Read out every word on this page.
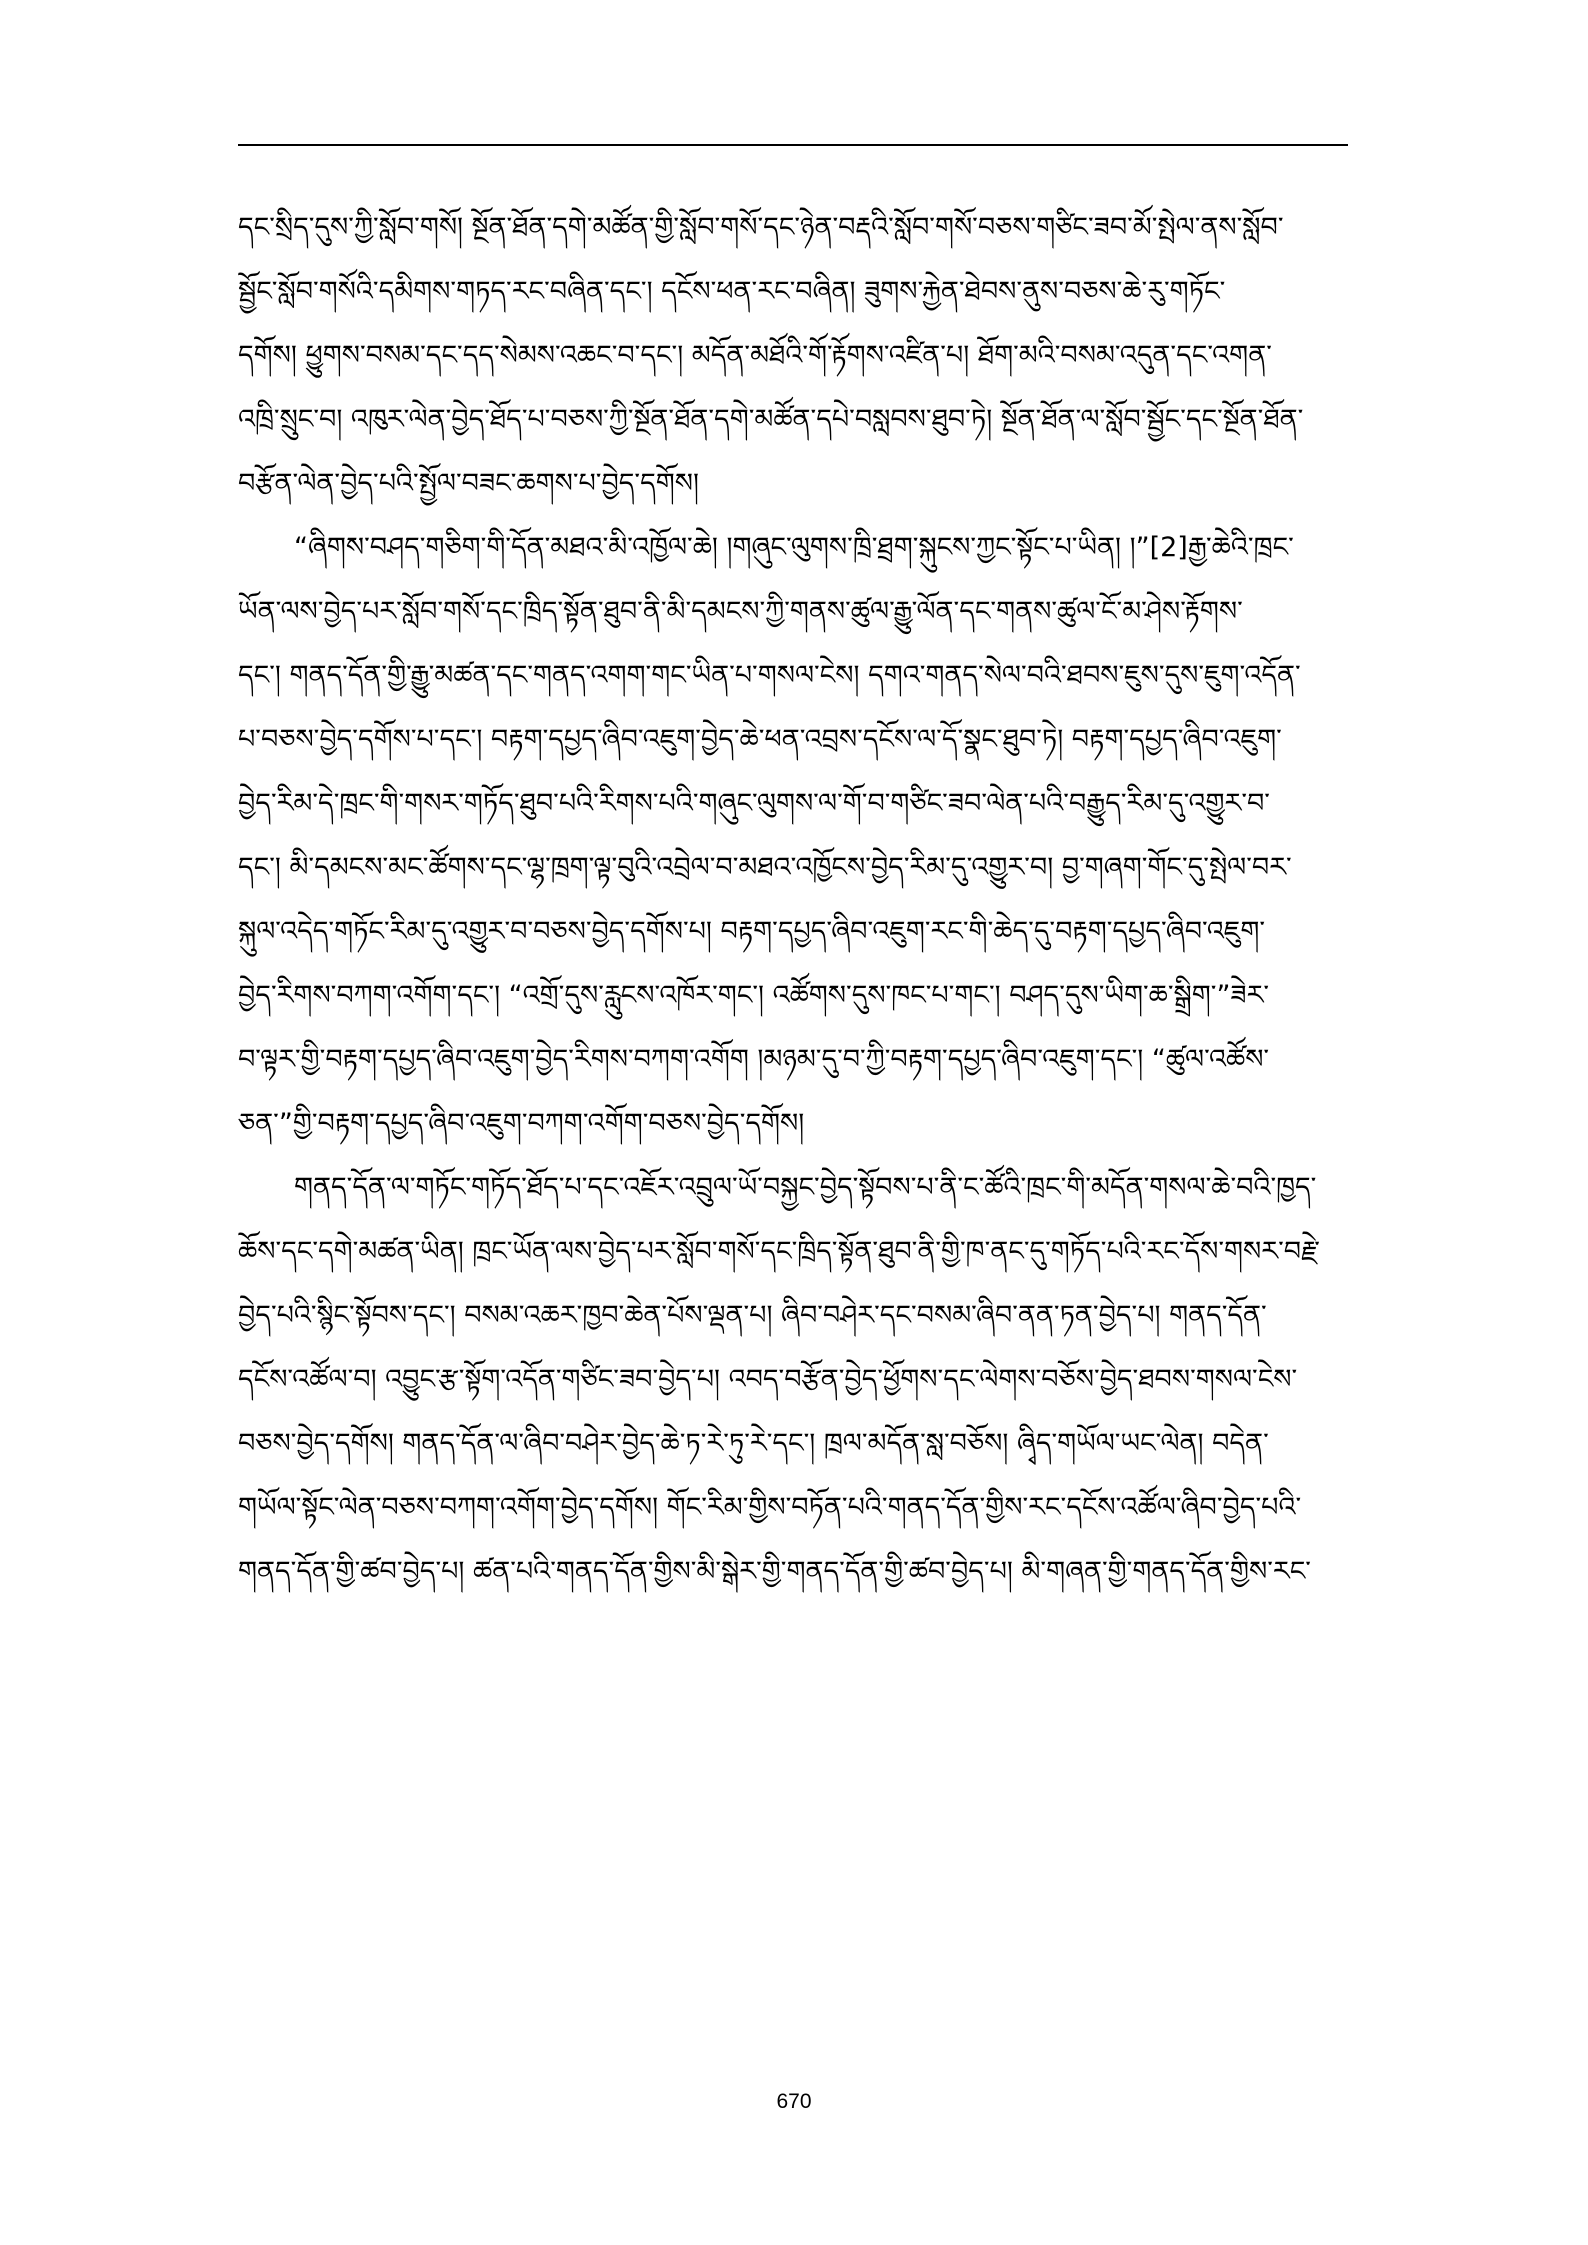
དང་སྲིད་དུས་ཀྱི་སློབ་གསོ། སྔོན་ཐོན་དགེ་མཚོན་གྱི་སློབ་གསོ་དང་ཉེན་བརྡའི་སློབ་གསོ་བཅས་གཙིང་ཟབ་མོ་སྤེལ་ནས་སློབ་
སྦྱོང་སློབ་གསོའི་དམིགས་གཏད་རང་བཞིན་དང་། དངོས་ཕན་རང་བཞིན། ཟུགས་རྐྱེན་ཐེབས་ནུས་བཅས་ཆེ་རུ་གཏོང་
དགོས། ཕྱུགས་བསམ་དང་དད་སེམས་འཆང་བ་དང་། མདོན་མཐོའི་གོ་རྟོགས་འཛིན་པ། ཐོག་མའི་བསམ་འདུན་དང་འགན་
འཁྲི་སྲུང་བ། འཁུར་ལེན་བྱེད་ཐོད་པ་བཅས་ཀྱི་སྔོན་ཐོན་དགེ་མཚོན་དཔེ་བསླབས་ཐུབ་ཏེ། སྔོན་ཐོན་ལ་སློབ་སྦྱོང་དང་སྔོན་ཐོན་
བརྩོན་ལེན་བྱེད་པའི་སྤྱོལ་བཟང་ཆགས་པ་བྱེད་དགོས།
“ཞིགས་བཤད་གཅིག་གི་དོན་མཐའ་མི་འཁྱོལ་ཆེ། །གཞུང་ལུགས་ཁྲི་ཐྲག་སྐུངས་ཀྱང་སྟོང་པ་ཡིན། །”[2]རྒྱ་ཆེའི་ཁྲང་
ཡོན་ལས་བྱེད་པར་སློབ་གསོ་དང་ཁྲིད་སྟོན་ཐུབ་ནི་མི་དམངས་ཀྱི་གནས་ཚུལ་རྒྱུ་ལོན་དང་གནས་ཚུལ་ངོ་མ་ཤེས་རྟོགས་
དང་། གནད་དོན་གྱི་རྒྱུ་མཚན་དང་གནད་འགག་གང་ཡིན་པ་གསལ་ངེས། དགའ་གནད་སེལ་བའི་ཐབས་ཇུས་དུས་ཇུག་འདོན་
པ་བཅས་བྱེད་དགོས་པ་དང་། བརྟག་དཔྱད་ཞིབ་འཇུག་བྱེད་ཆེ་ཕན་འབྲས་དངོས་ལ་དོ་སྣང་ཐུབ་ཏེ། བརྟག་དཔྱད་ཞིབ་འཇུག་
བྱེད་རིམ་དེ་ཁྲང་གི་གསར་གཏོད་ཐུབ་པའི་རིགས་པའི་གཞུང་ལུགས་ལ་གོ་བ་གཙིང་ཟབ་ལེན་པའི་བརྒྱུད་རིམ་དུ་འགྱུར་བ་
དང་། མི་དམངས་མང་ཚོགས་དང་ལྷ་ཁྲག་ལྟ་བུའི་འབྲེལ་བ་མཐའ་འཁྱོངས་བྱེད་རིམ་དུ་འགྱུར་བ། བྱ་གཞག་གོང་དུ་སྤེལ་བར་
སྐུལ་འདེད་གཏོང་རིམ་དུ་འགྱུར་བ་བཅས་བྱེད་དགོས་པ། བརྟག་དཔྱད་ཞིབ་འཇུག་རང་གི་ཆེད་དུ་བརྟག་དཔྱད་ཞིབ་འཇུག་
བྱེད་རིགས་བཀག་འགོག་དང་། “འགྲོ་དུས་རླུངས་འཁོར་གང་། འཚོགས་དུས་ཁང་པ་གང་། བཤད་དུས་ཡིག་ཆ་སྒྲིག་”ཟེར་
བ་ལྟར་གྱི་བརྟག་དཔྱད་ཞིབ་འཇུག་བྱེད་རིགས་བཀག་འགོག །མཉམ་དུ་བ་ཀྱི་བརྟག་དཔྱད་ཞིབ་འཇུག་དང་། “ཚུལ་འཚོས་
ཅན་”གྱི་བརྟག་དཔྱད་ཞིབ་འཇུག་བཀག་འགོག་བཅས་བྱེད་དགོས།
གནད་དོན་ལ་གཏོང་གཏོད་ཐོད་པ་དང་འཇོར་འབྲུལ་ཡོ་བསྐྱང་བྱེད་སྟོབས་པ་ནི་ང་ཚོའི་ཁྲང་གི་མདོན་གསལ་ཆེ་བའི་ཁྱད་
ཆོས་དང་དགེ་མཚན་ཡིན། ཁྲང་ཡོན་ལས་བྱེད་པར་སློབ་གསོ་དང་ཁྲིད་སྟོན་ཐུབ་ནི་གྱི་ཁ་ནང་དུ་གཏོད་པའི་རང་དོས་གསར་བརྗེ་
བྱེད་པའི་སྙིང་སྟོབས་དང་། བསམ་འཆར་ཁྱབ་ཆེན་པོས་ལྡན་པ། ཞིབ་བཤེར་དང་བསམ་ཞིབ་ནན་ཏན་བྱེད་པ། གནད་དོན་
དངོས་འཚོལ་བ། འབྱུང་རྩ་སྟོག་འདོན་གཙིང་ཟབ་བྱེད་པ། འབད་བརྩོན་བྱེད་ཕྱོགས་དང་ལེགས་བཅོས་བྱེད་ཐབས་གསལ་ངེས་
བཅས་བྱེད་དགོས། གནད་དོན་ལ་ཞིབ་བཤེར་བྱེད་ཆེ་ཏ་རེ་ཏུ་རེ་དང་། ཁྲལ་མདོན་སླ་བཅོས། ཞྭིད་གཡོལ་ཡང་ལེན། བདེན་
གཡོལ་སྟོང་ལེན་བཅས་བཀག་འགོག་བྱེད་དགོས། གོང་རིམ་གྱིས་བཏོན་པའི་གནད་དོན་གྱིས་རང་དངོས་འཚོལ་ཞིབ་བྱེད་པའི་
གནད་དོན་གྱི་ཚབ་བྱེད་པ། ཚན་པའི་གནད་དོན་གྱིས་མི་སྒེར་གྱི་གནད་དོན་གྱི་ཚབ་བྱེད་པ། མི་གཞན་གྱི་གནད་དོན་གྱིས་རང་
670
